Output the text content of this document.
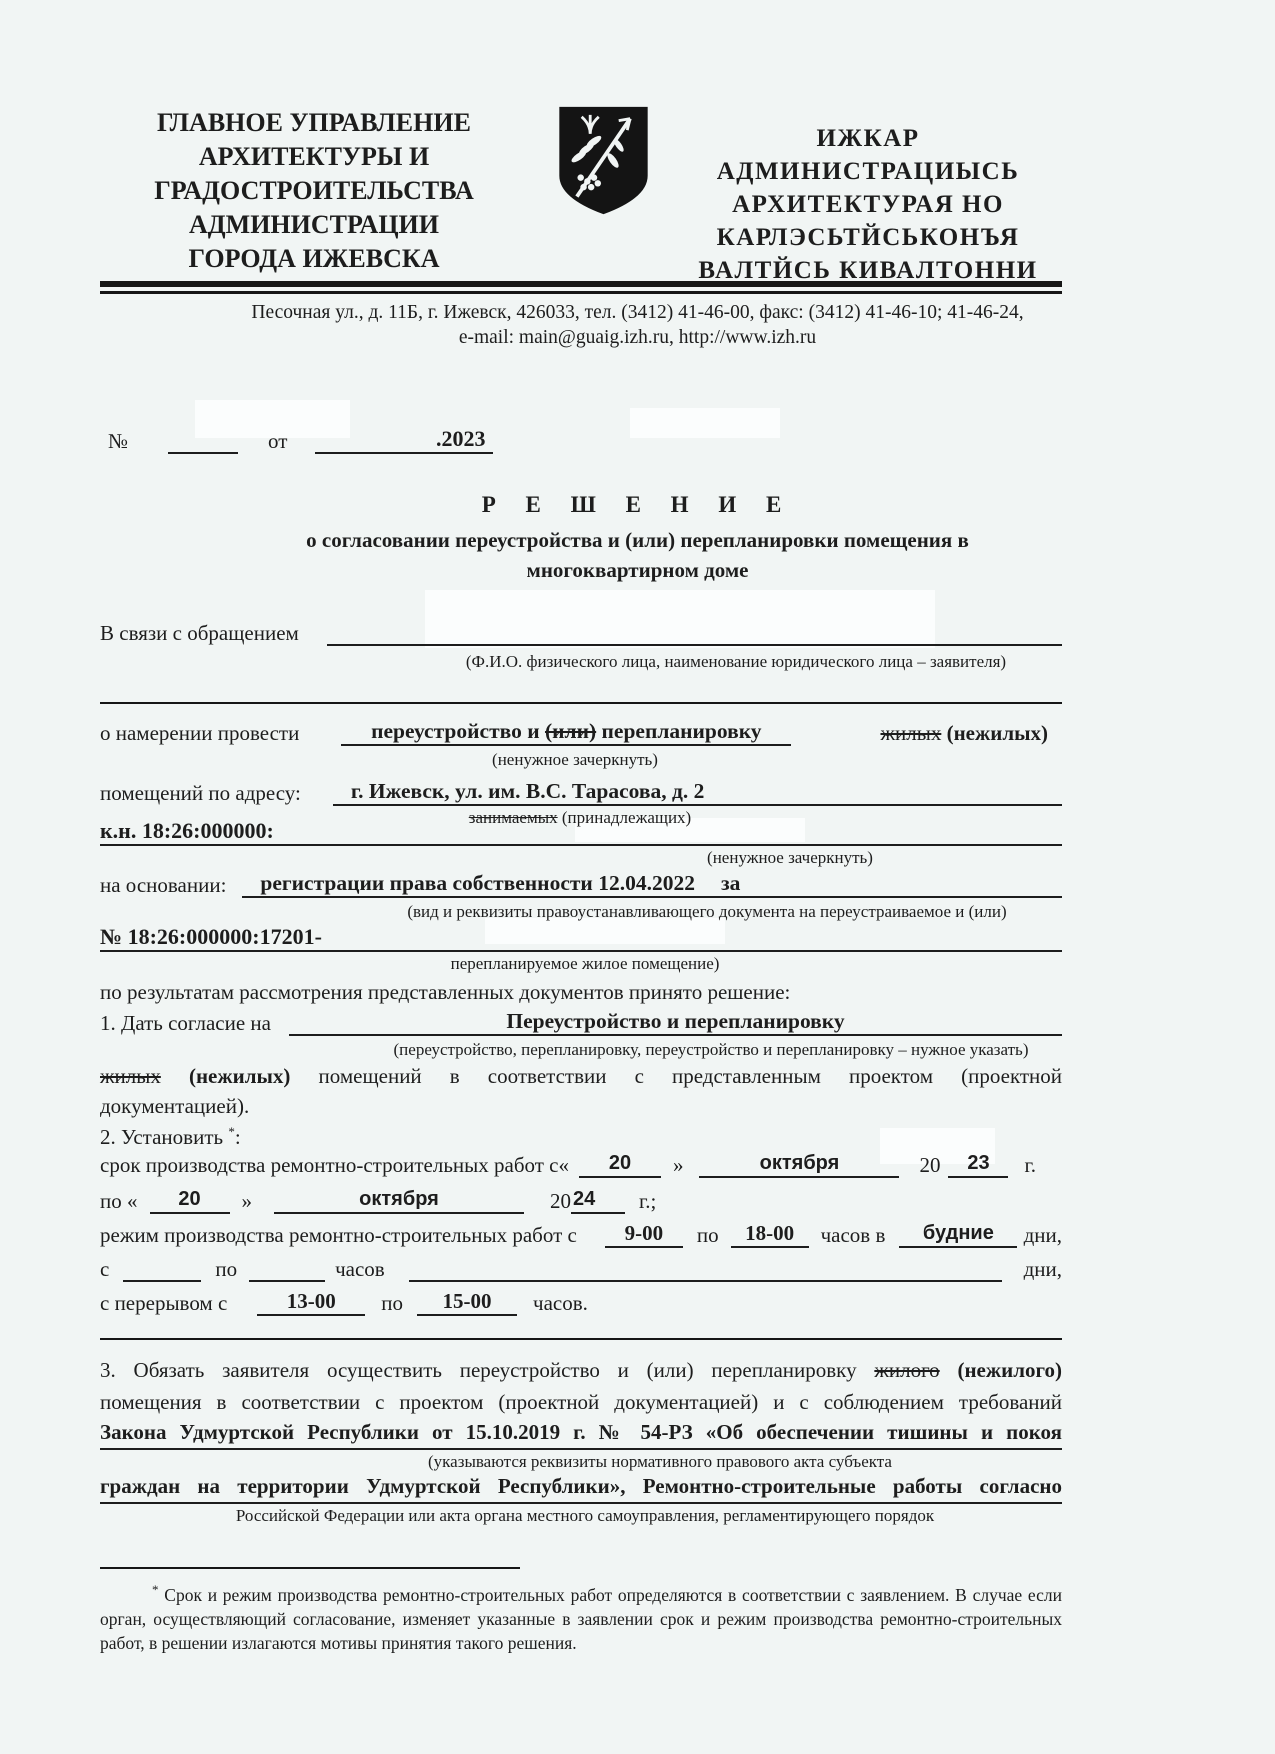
ГЛАВНОЕ УПРАВЛЕНИЕ
АРХИТЕКТУРЫ И
ГРАДОСТРОИТЕЛЬСТВА
АДМИНИСТРАЦИИ
ГОРОДА ИЖЕВСКА
ИЖКАР АДМИНИСТРАЦИЫСЬ
АРХИТЕКТУРАЯ НО
КАРЛЭСЬТЙСЬКОНЪЯ
ВАЛТЙСЬ КИВАЛТОННИ
Песочная ул., д. 11Б, г. Ижевск, 426033, тел. (3412) 41-46-00, факс: (3412) 41-46-10; 41-46-24,
e-mail: main@guaig.izh.ru, http://www.izh.ru
№	от	.2023
Р Е Ш Е Н И Е
о согласовании переустройства и (или) перепланировки помещения в
многоквартирном доме
В связи с обращением
(Ф.И.О. физического лица, наименование юридического лица – заявителя)
о намерении провести	переустройство и (или) перепланировку	жилых (нежилых)
(ненужное зачеркнуть)
помещений по адресу:	г. Ижевск, ул. им. В.С. Тарасова, д. 2
занимаемых (принадлежащих)
к.н. 18:26:000000:
(ненужное зачеркнуть)
на основании:	регистрации права собственности 12.04.2022 за
(вид и реквизиты правоустанавливающего документа на переустраиваемое и (или)
№ 18:26:000000:17201-
перепланируемое жилое помещение)
по результатам рассмотрения представленных документов принято решение:
1. Дать согласие на	Переустройство и перепланировку
(переустройство, перепланировку, переустройство и перепланировку – нужное указать)
жилых (нежилых) помещений в соответствии с представленным проектом (проектной
документацией).
2. Установить *:
срок производства ремонтно-строительных работ с«	20	»	октября	20	23	г.
по «	20	»	октября	20 24	г.;
режим производства ремонтно-строительных работ с	9-00	по	18-00	часов в	будние	дни,
с	по	часов	дни,
с перерывом с	13-00	по	15-00	часов.
3. Обязать заявителя осуществить переустройство и (или) перепланировку жилого (нежилого)
помещения в соответствии с проектом (проектной документацией) и с соблюдением требований
Закона Удмуртской Республики от 15.10.2019 г. № 54-РЗ «Об обеспечении тишины и покоя
(указываются реквизиты нормативного правового акта субъекта
граждан на территории Удмуртской Республики», Ремонтно-строительные работы согласно
Российской Федерации или акта органа местного самоуправления, регламентирующего порядок
* Срок и режим производства ремонтно-строительных работ определяются в соответствии с заявлением. В случае если орган, осуществляющий согласование, изменяет указанные в заявлении срок и режим производства ремонтно-строительных работ, в решении излагаются мотивы принятия такого решения.
